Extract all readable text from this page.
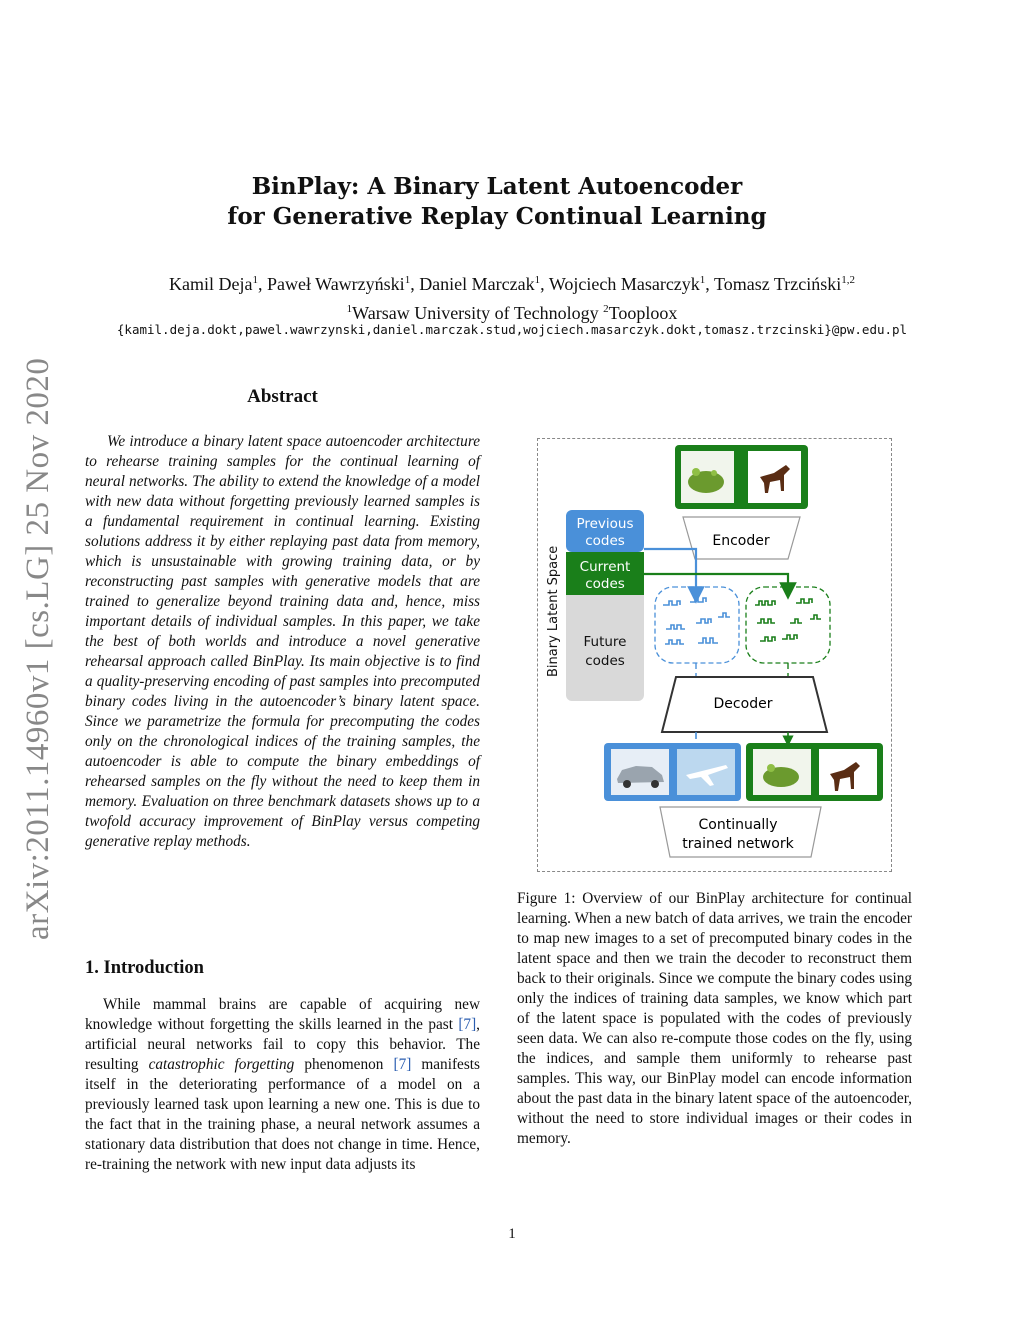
arXiv:2011.14960v1 [cs.LG] 25 Nov 2020
BinPlay: A Binary Latent Autoencoder
for Generative Replay Continual Learning
Kamil Deja$^1$, Paweł Wawrzyński$^1$, Daniel Marczak$^1$, Wojciech Masarczyk$^1$, Tomasz Trzciński$^{1,2}$
$^1$Warsaw University of Technology $^2$Tooploox
{kamil.deja.dokt,pawel.wawrzynski,daniel.marczak.stud,wojciech.masarczyk.dokt,tomasz.trzcinski}@pw.edu.pl
Abstract
We introduce a binary latent space autoencoder architecture to rehearse training samples for the continual learning of neural networks. The ability to extend the knowledge of a model with new data without forgetting previously learned samples is a fundamental requirement in continual learning. Existing solutions address it by either replaying past data from memory, which is unsustainable with growing training data, or by reconstructing past samples with generative models that are trained to generalize beyond training data and, hence, miss important details of individual samples. In this paper, we take the best of both worlds and introduce a novel generative rehearsal approach called BinPlay. Its main objective is to find a quality-preserving encoding of past samples into precomputed binary codes living in the autoencoder’s binary latent space. Since we parametrize the formula for precomputing the codes only on the chronological indices of the training samples, the autoencoder is able to compute the binary embeddings of rehearsed samples on the fly without the need to keep them in memory. Evaluation on three benchmark datasets shows up to a twofold accuracy improvement of BinPlay versus competing generative replay methods.
1. Introduction
While mammal brains are capable of acquiring new knowledge without forgetting the skills learned in the past [7], artificial neural networks fail to copy this behavior. The resulting catastrophic forgetting phenomenon [7] manifests itself in the deteriorating performance of a model on a previously learned task upon learning a new one. This is due to the fact that in the training phase, a neural network assumes a stationary data distribution that does not change in time. Hence, re-training the network with new input data adjusts its
Previous
codes
Current
codes
Future
codes
Binary Latent Space
Encoder
Decoder
Continually
trained network
Figure 1: Overview of our BinPlay architecture for continual learning. When a new batch of data arrives, we train the encoder to map new images to a set of precomputed binary codes in the latent space and then we train the decoder to reconstruct them back to their originals. Since we compute the binary codes using only the indices of training data samples, we know which part of the latent space is populated with the codes of previously seen data. We can also re-compute those codes on the fly, using the indices, and sample them uniformly to rehearse past samples. This way, our BinPlay model can encode information about the past data in the binary latent space of the autoencoder, without the need to store individual images or their codes in memory.
1
